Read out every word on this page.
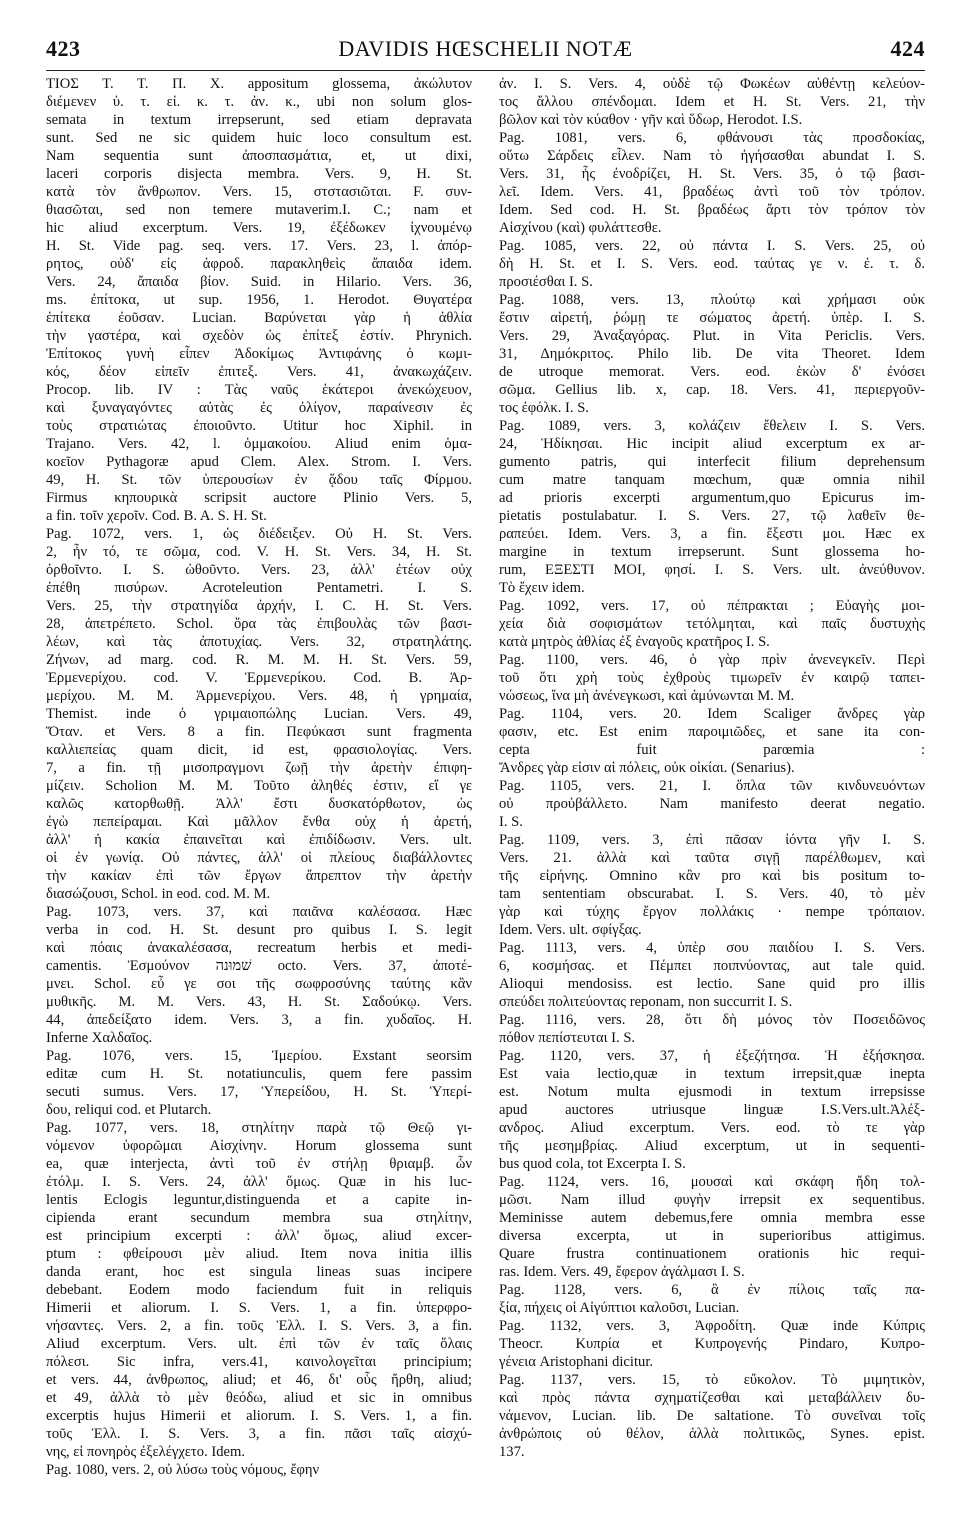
423	DAVIDIS HŒSCHELII NOTÆ	424
ΤΙΟΣ Τ. Τ. Π. Χ. appositum glossema, ἀκώλυτον
διέμενεν ὑ. τ. εἰ. κ. τ. ἀν. κ., ubi non solum glos-
semata in textum irrepserunt, sed etiam depravata
sunt. Sed ne sic quidem huic loco consultum est.
Nam sequentia sunt ἀποσπασμάτια, et, ut dixi,
laceri corporis disjecta membra. Vers. 9, H. St.
κατὰ τὸν ἄνθρωπον. Vers. 15, στστασιῶται. F. συν-
θιασῶται, sed non temere mutaverim.I. C.; nam et
hic aliud excerptum. Vers. 19, ἐξέδωκεν ἰχνουμένῳ
H. St. Vide pag. seq. vers. 17. Vers. 23, l. ἀπόρ-
ρητος, οὐδ' εἰς ἀφροδ. παρακληθεὶς ἄπαιδα idem.
Vers. 24, ἄπαιδα βίον. Suid. in Hilario. Vers. 36,
ms. ἐπίτοκα, ut sup. 1956, 1. Herodot. Θυγατέρα
ἐπίτεκα ἐοῦσαν. Lucian. Βαρύνεται γὰρ ἡ ἀθλία
τὴν γαστέρα, καὶ σχεδὸν ὡς ἐπίτεξ ἐστίν. Phrynich.
Ἐπίτοκος γυνὴ εἶπεν Ἀδοκίμως Ἀντιφάνης ὁ κωμι-
κός, δέον εἰπεῖν ἐπιτεξ. Vers. 41, ἀνακωχάζειν.
Procop. lib. IV : Τὰς ναῦς ἑκάτεροι ἀνεκώχευον,
καὶ ξυναγαγόντες αὐτὰς ἐς ὀλίγον, παραίνεσιν ἐς
τοὺς στρατιώτας ἐποιοῦντο. Utitur hoc Xiphil. in
Trajano. Vers. 42, l. ὁμμακοίου. Aliud enim ὁμα-
κοεῖον Pythagoræ apud Clem. Alex. Strom. I. Vers.
49, H. St. τῶν ὑπερουσίων ἐν ᾅδου ταῖς Φίρμου.
Firmus κηπουρικὰ scripsit auctore Plinio Vers. 5,
a fin. τοῖν χεροῖν. Cod. B. A. S. H. St.
Pag. 1072, vers. 1, ὡς διέδειξεν. Οὐ H. St. Vers.
2, ἦν τό, τε σῶμα, cod. V. H. St. Vers. 34, H. St.
ὀρθοῖντο. I. S. ὠθοῦντο. Vers. 23, ἀλλ' ἐτέων οὐχ
ἐπέθη πισύρων. Acroteleution Pentametri. I. S.
Vers. 25, τὴν στρατηγίδα ἀρχήν, I. C. H. St. Vers.
28, ἀπετρέπετο. Schol. ὅρα τὰς ἐπιβουλὰς τῶν βασι-
λέων, καὶ τὰς ἀποτυχίας. Vers. 32, στρατηλάτης.
Ζήνων, ad marg. cod. R. M. M. H. St. Vers. 59,
Ἑρμενερίχου. cod. V. Ἑρμενερίκου. Cod. B. Ἀρ-
μερίχου. M. M. Ἀρμενερίχου. Vers. 48, ἡ γρημαία,
Themist. inde ὁ γριμαιοπώλης Lucian. Vers. 49,
Ὅταν. et Vers. 8 a fin. Πεφύκασι sunt fragmenta
καλλιεπείας quam dicit, id est, φρασιολογίας. Vers.
7, a fin. τῇ μισοπραγμονι ζωῇ τὴν ἀρετὴν ἐπιφη-
μίζειν. Scholion M. M. Τοῦτο ἀληθές ἐστιν, εἴ γε
καλῶς κατορθωθῇ. Ἀλλ' ἔστι δυσκατόρθωτον, ὡς
ἐγὼ πεπείραμαι. Καὶ μᾶλλον ἔνθα οὐχ ἡ ἀρετή,
ἀλλ' ἡ κακία ἐπαινεῖται καὶ ἐπιδίδωσιν. Vers. ult.
οἱ ἐν γωνίᾳ. Οὐ πάντες, ἀλλ' οἱ πλείους διαβάλλοντες
τὴν κακίαν ἐπὶ τῶν ἔργων ἄπρεπτον τὴν ἀρετὴν
διασώζουσι, Schol. in eod. cod. M. M.
Pag. 1073, vers. 37, καὶ παιᾶνα καλέσασα. Hæc
verba in cod. H. St. desunt pro quibus I. S. legit
καὶ πόαις ἀνακαλέσασα, recreatum herbis et medi-
camentis. Ἐσμούνον שׁמוּנה octo. Vers. 37, ἀποτέ-
μνει. Schol. εὖ γε σοι τῆς σωφροσύνης ταύτης κἂν
μυθικῆς. M. M. Vers. 43, H. St. Σαδούκῳ. Vers.
44, ἀπεδείξατο idem. Vers. 3, a fin. χυδαῖος. H.
Inferne Χαλδαῖος.
Pag. 1076, vers. 15, Ἱμερίου. Exstant seorsim
editæ cum H. St. notatiunculis, quem fere passim
secuti sumus. Vers. 17, Ὑπερείδου, H. St. Ὑπερί-
δου, reliqui cod. et Plutarch.
Pag. 1077, vers. 18, στηλίτην παρὰ τῷ Θεῷ γι-
νόμενον ὑφορῶμαι Αἰσχίνην. Horum glossema sunt
ea, quæ interjecta, ἀντὶ τοῦ ἐν στήλῃ θριαμβ. ὧν
ἐτόλμ. I. S. Vers. 24, ἀλλ' ὅμως. Quæ in his luc-
lentis Eclogis leguntur,distinguenda et a capite in-
cipienda erant secundum membra sua στηλίτην,
est principium excerpti : ἀλλ' ὅμως, aliud excer-
ptum : φθείρουσι μὲν aliud. Item nova initia illis
danda erant, hoc est singula lineas suas incipere
debebant. Eodem modo faciendum fuit in reliquis
Himerii et aliorum. I. S. Vers. 1, a fin. ὑπερφρο-
νήσαντες. Vers. 2, a fin. τοῦς Ἑλλ. I. S. Vers. 3, a fin.
Aliud excerptum. Vers. ult. ἐπὶ τῶν ἐν ταῖς ὅλαις
πόλεσι. Sic infra, vers.41, καινολογεῖται principium;
et vers. 44, ἀνθρωπος, aliud; et 46, δι' οὗς ἤρθη, aliud;
et 49, ἀλλὰ τὸ μὲν θεόδω, aliud et sic in omnibus
excerptis hujus Himerii et aliorum. I. S. Vers. 1, a fin.
τοῦς Ἑλλ. I. S. Vers. 3, a fin. πᾶσι ταῖς αἰσχύ-
νης, εἰ πονηρὸς ἐξελέγχετο. Idem.
Pag. 1080, vers. 2, οὐ λύσω τοὺς νόμους, ἔφην
ἀν. I. S. Vers. 4, οὐδὲ τῷ Φωκέων αὐθέντῃ κελεύον-
τος ἄλλου σπένδομαι. Idem et H. St. Vers. 21, τὴν
βῶλον καὶ τὸν κύαθον · γῆν καὶ ὕδωρ, Herodot. I.S.
Pag. 1081, vers. 6, φθάνουσι τὰς προσδοκίας,
οὕτω Σάρδεις εἶλεν. Nam τὸ ἡγήσασθαι abundat I. S.
Vers. 31, ἧς ἐνοδρίζει, H. St. Vers. 35, ὁ τῷ βασι-
λεῖ. Idem. Vers. 41, βραδέως ἀντὶ τοῦ τὸν τρόπον.
Idem. Sed cod. H. St. βραδέως ἄρτι τὸν τρόπον τὸν
Αἰσχίνου (καὶ) φυλάττεσθε.
Pag. 1085, vers. 22, οὐ πάντα I. S. Vers. 25, οὐ
δὴ H. St. et I. S. Vers. eod. ταύτας γε ν. ἐ. τ. δ.
προσιέσθαι I. S.
Pag. 1088, vers. 13, πλούτῳ καὶ χρήμασι οὐκ
ἔστιν αἱρετή, ῥώμῃ τε σώματος ἀρετή. ὑπὲρ. I. S.
Vers. 29, Ἀναξαγόρας. Plut. in Vita Periclis. Vers.
31, Δημόκριτος. Philo lib. De vita Theoret. Idem
de utroque memorat. Vers. eod. ἑκὼν δ' ἐνόσει
σῶμα. Gellius lib. x, cap. 18. Vers. 41, περιεργοῦν-
τος ἐφόλκ. I. S.
Pag. 1089, vers. 3, κολάζειν ἔθελειν I. S. Vers.
24, Ἡδίκησαι. Hic incipit aliud excerptum ex ar-
gumento patris, qui interfecit filium deprehensum
cum matre tanquam mœchum, quæ omnia nihil
ad prioris excerpti argumentum,quo Epicurus im-
pietatis postulabatur. I. S. Vers. 27, τῷ λαθεῖν θε-
ραπεύει. Idem. Vers. 3, a fin. ἔξεστι μοι. Hæc ex
margine in textum irrepserunt. Sunt glossema ho-
rum, ΕΞΕΣΤΙ ΜΟΙ, φησί. I. S. Vers. ult. ἀνεύθυνον.
Τὸ ἔχειν idem.
Pag. 1092, vers. 17, οὐ πέπρακται ; Εὐαγὴς μοι-
χεία διὰ σοφισμάτων τετόλμηται, καὶ παῖς δυστυχὴς
κατὰ μητρὸς ἀθλίας ἐξ ἐναγοῦς κρατῆρος I. S.
Pag. 1100, vers. 46, ὁ γὰρ πρὶν ἀνενεγκεῖν. Περὶ
τοῦ ὅτι χρὴ τοὺς ἐχθροὺς τιμωρεῖν ἐν καιρῷ ταπει-
νώσεως, ἵνα μὴ ἀνένεγκωσι, καὶ ἀμύνωνται M. M.
Pag. 1104, vers. 20. Idem Scaliger ἄνδρες γὰρ
φασιν, etc. Est enim παροιμιῶδες, et sane ita con-
cepta fuit parœmia :
Ἄνδρες γὰρ εἰσιν αἱ πόλεις, οὐκ οἰκίαι. (Senarius).
Pag. 1105, vers. 21, I. ὅπλα τῶν κινδυνευόντων
οὐ προὐβάλλετο. Nam manifesto deerat negatio.
I. S.
Pag. 1109, vers. 3, ἐπὶ πᾶσαν ἰόντα γῆν I. S.
Vers. 21. ἀλλὰ καὶ ταῦτα σιγῇ παρέλθωμεν, καὶ
τῆς εἰρήνης. Omnino κἂν pro καὶ bis positum to-
tam sententiam obscurabat. I. S. Vers. 40, τὸ μὲν
γὰρ καὶ τύχης ἔργον πολλάκις · nempe τρόπαιον.
Idem. Vers. ult. σφίγξας.
Pag. 1113, vers. 4, ὑπὲρ σου παιδίου I. S. Vers.
6, κοσμήσας. et Πέμπει ποιπνύοντας, aut tale quid.
Alioqui mendosiss. est lectio. Sane quid pro illis
σπεύδει πολιτεύοντας reponam, non succurrit I. S.
Pag. 1116, vers. 28, ὅτι δὴ μόνος τὸν Ποσειδῶνος
πόθον πεπίστευται I. S.
Pag. 1120, vers. 37, ἡ ἐξεζήτησα. Ἡ ἐξήσκησα.
Est vaia lectio,quæ in textum irrepsit,quæ inepta
est. Notum multa ejusmodi in textum irrepsisse
apud auctores utriusque linguæ I.S.Vers.ult.Ἀλέξ-
ανδρος. Aliud excerptum. Vers. eod. τὸ τε γὰρ
τῆς μεσημβρίας. Aliud excerptum, ut in sequenti-
bus quod cola, tot Excerpta I. S.
Pag. 1124, vers. 16, μουσαὶ καὶ σκάφη ἤδη τολ-
μῶσι. Nam illud φυγὴν irrepsit ex sequentibus.
Meminisse autem debemus,fere omnia membra esse
diversa excerpta, ut in superioribus attigimus.
Quare frustra continuationem orationis hic requi-
ras. Idem. Vers. 49, ἔφερον ἀγάλμασι I. S.
Pag. 1128, vers. 6, ἃ ἐν πίλοις ταῖς πα-
ξία, πήχεις οἱ Αἰγύπτιοι καλοῦσι, Lucian.
Pag. 1132, vers. 3, Ἀφροδίτη. Quæ inde Κύπρις
Theocr. Κυπρία et Κυπρογενής Pindaro, Κυπρο-
γένεια Aristophani dicitur.
Pag. 1137, vers. 15, τὸ εὔκολον. Τὸ μιμητικὸν,
καὶ πρὸς πάντα σχηματίζεσθαι καὶ μεταβάλλειν δυ-
νάμενον, Lucian. lib. De saltatione. Τὸ συνεῖναι τοῖς
ἀνθρώποις οὐ θέλον, ἀλλὰ πολιτικῶς, Synes. epist.
137.
